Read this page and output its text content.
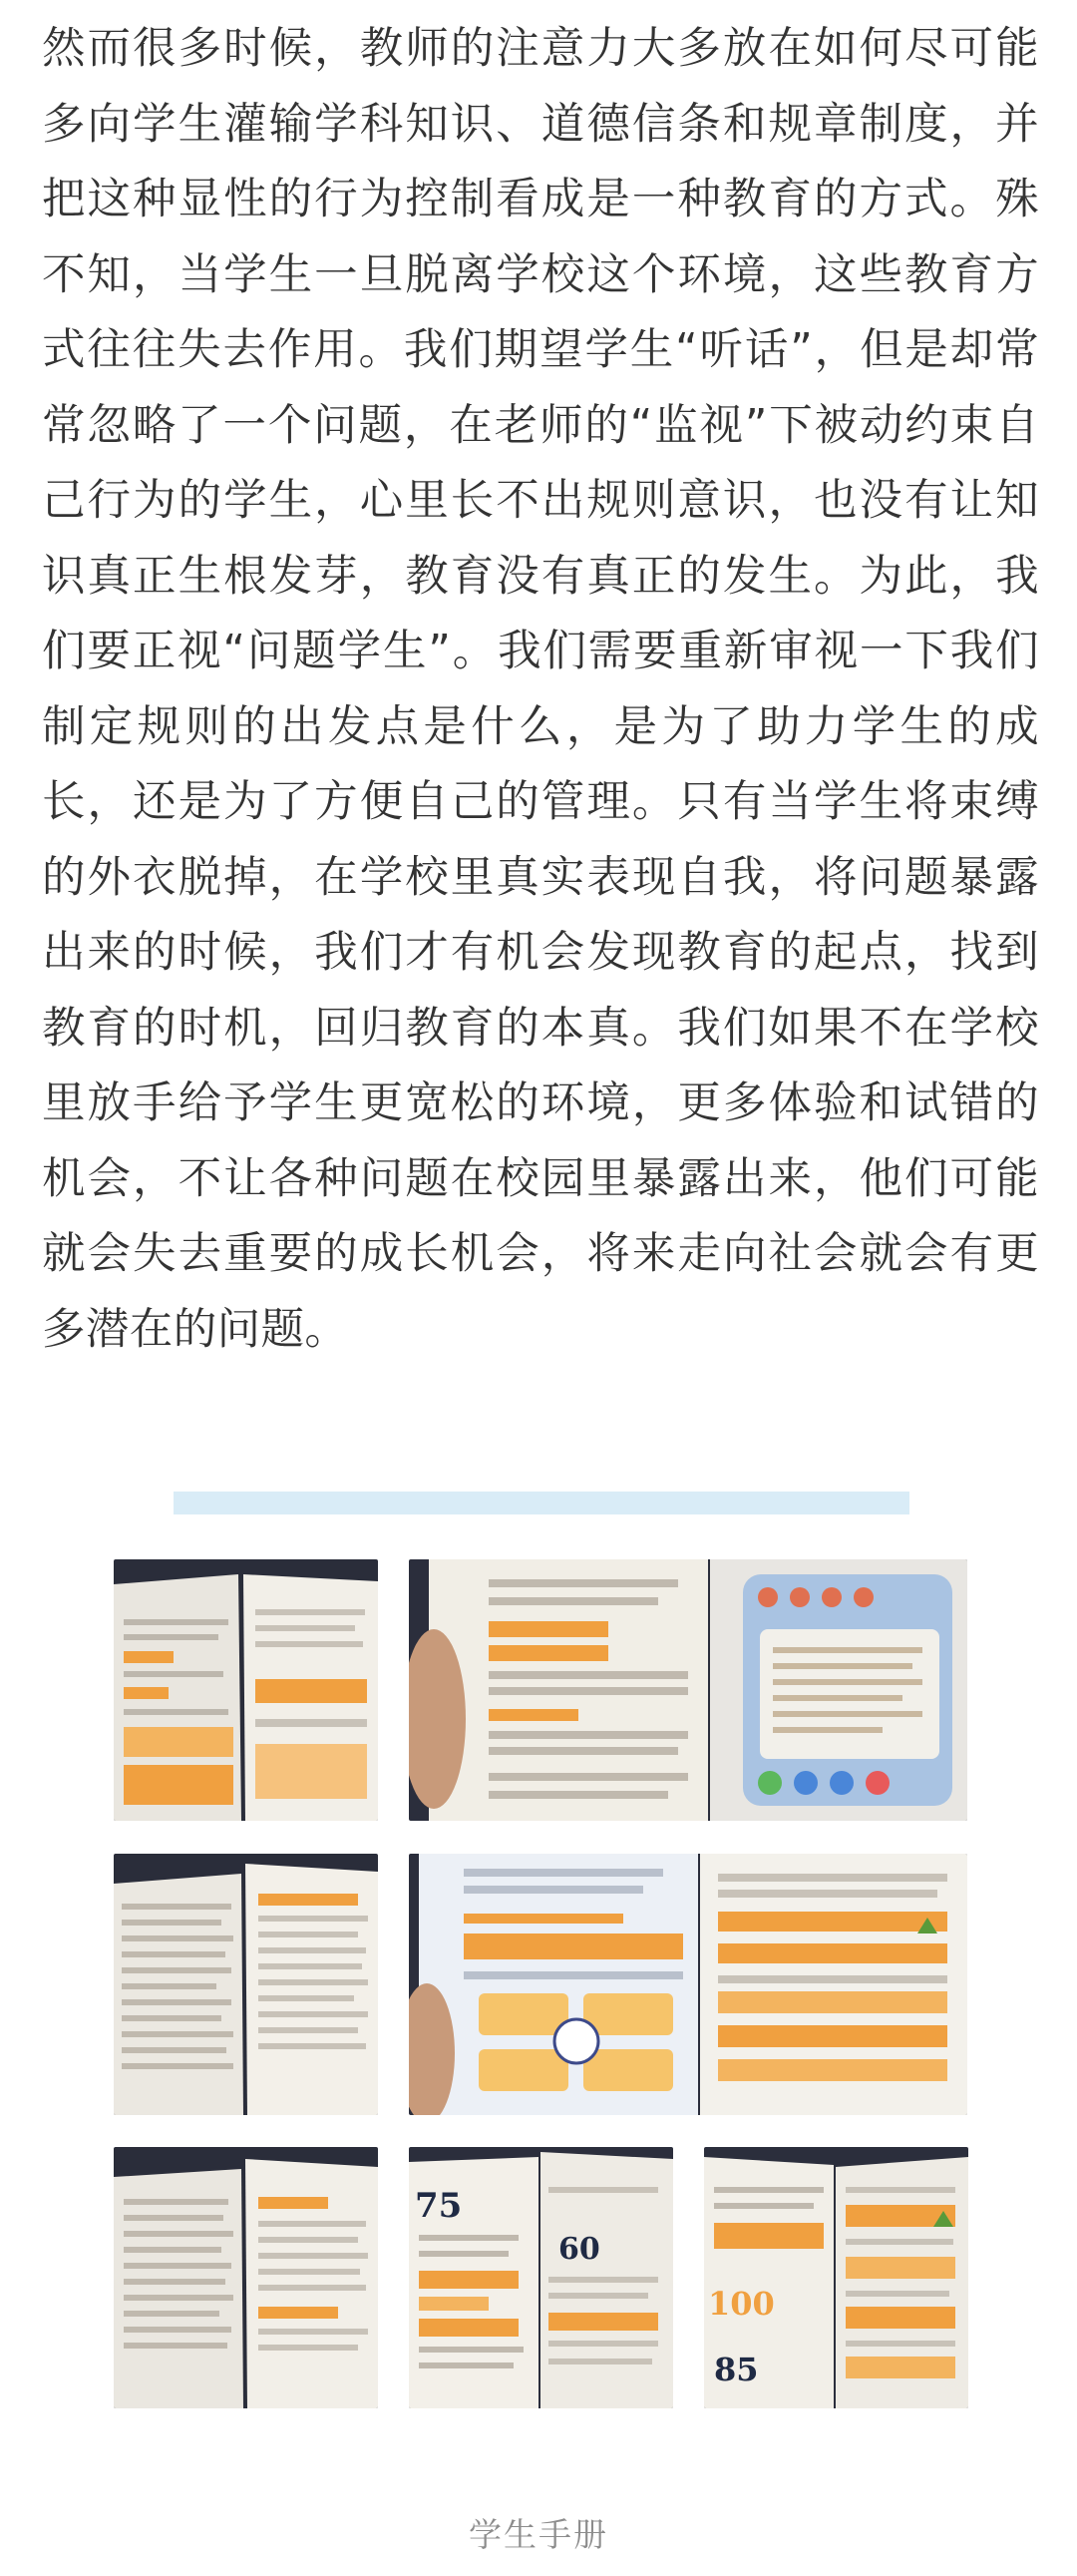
然而很多时候，教师的注意力大多放在如何尽可能多向学生灌输学科知识、道德信条和规章制度，并把这种显性的行为控制看成是一种教育的方式。殊不知，当学生一旦脱离学校这个环境，这些教育方式往往失去作用。我们期望学生“听话”，但是却常常忽略了一个问题，在老师的“监视”下被动约束自己行为的学生，心里长不出规则意识，也没有让知识真正生根发芽，教育没有真正的发生。为此，我们要正视“问题学生”。我们需要重新审视一下我们制定规则的出发点是什么，是为了助力学生的成长，还是为了方便自己的管理。只有当学生将束缚的外衣脱掉，在学校里真实表现自我，将问题暴露出来的时候，我们才有机会发现教育的起点，找到教育的时机，回归教育的本真。我们如果不在学校里放手给予学生更宽松的环境，更多体验和试错的机会，不让各种问题在校园里暴露出来，他们可能就会失去重要的成长机会，将来走向社会就会有更多潜在的问题。

75
60
100
85
学生手册
